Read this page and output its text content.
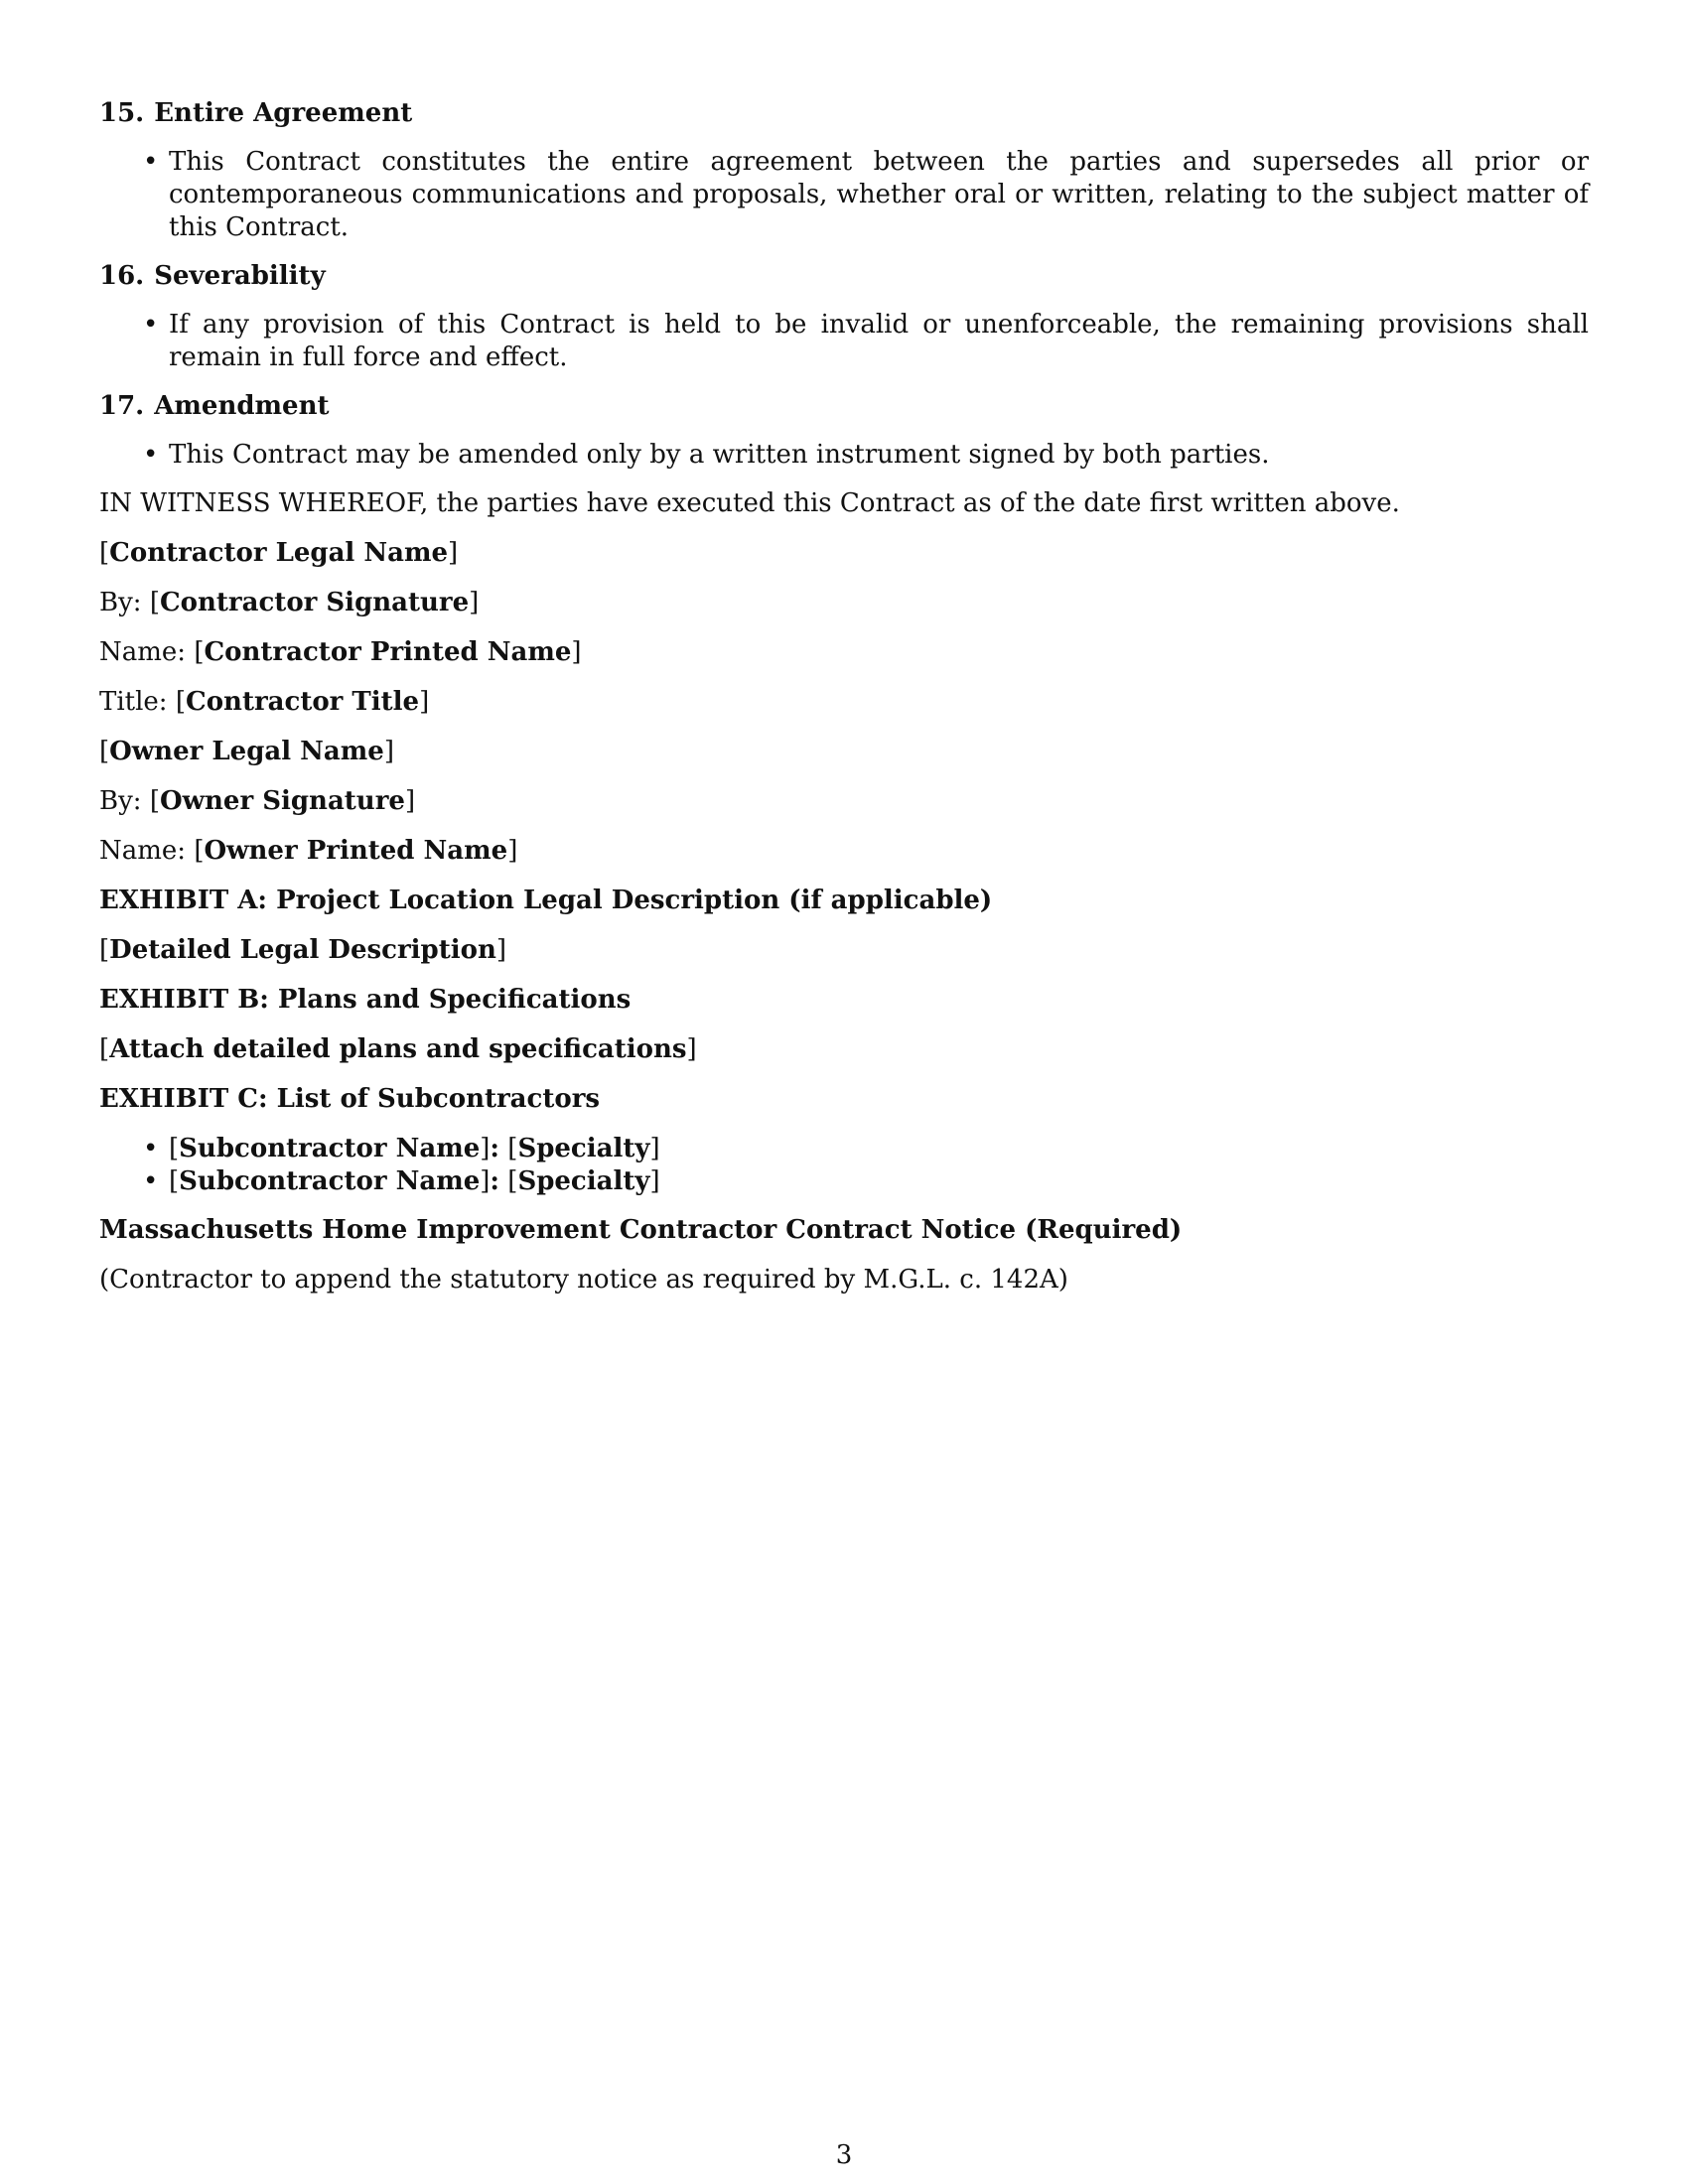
15. Entire Agreement
• This Contract constitutes the entire agreement between the parties and supersedes all prior or contemporaneous communications and proposals, whether oral or written, relating to the subject matter of this Contract.
16. Severability
• If any provision of this Contract is held to be invalid or unenforceable, the remaining provisions shall remain in full force and effect.
17. Amendment
• This Contract may be amended only by a written instrument signed by both parties.
IN WITNESS WHEREOF, the parties have executed this Contract as of the date first written above.
[Contractor Legal Name]
By: [Contractor Signature]
Name: [Contractor Printed Name]
Title: [Contractor Title]
[Owner Legal Name]
By: [Owner Signature]
Name: [Owner Printed Name]
EXHIBIT A: Project Location Legal Description (if applicable)
[Detailed Legal Description]
EXHIBIT B: Plans and Specifications
[Attach detailed plans and specifications]
EXHIBIT C: List of Subcontractors
• [Subcontractor Name]: [Specialty]
• [Subcontractor Name]: [Specialty]
Massachusetts Home Improvement Contractor Contract Notice (Required)
(Contractor to append the statutory notice as required by M.G.L. c. 142A)
3
